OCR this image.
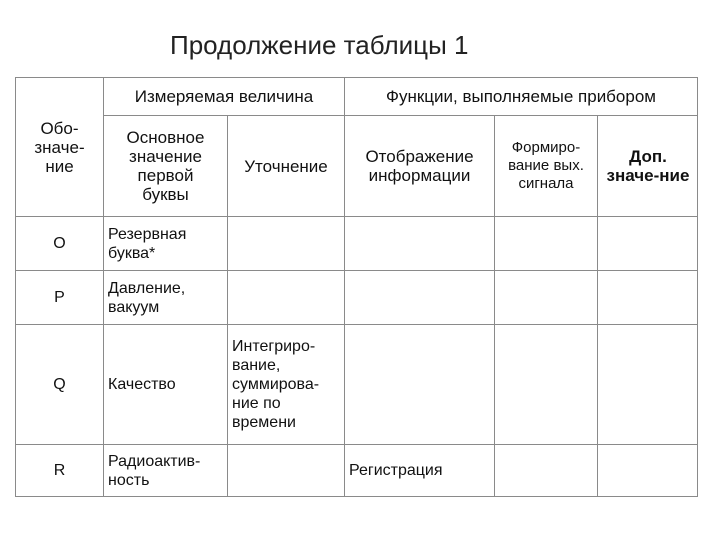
Продолжение таблицы 1
Обо-значе-ние	Измеряемая величина		Функции, выполняемые прибором		

	Основное значение первой буквы	Уточнение	Отображение информации	Формиро-вание вых. сигнала	Доп. значе-ние

O	Резервная буква*				
P	Давление, вакуум				
Q	Качество	Интегриро-вание, суммирова-ние по времени			

R	Радиоактив-ность		Регистрация		
